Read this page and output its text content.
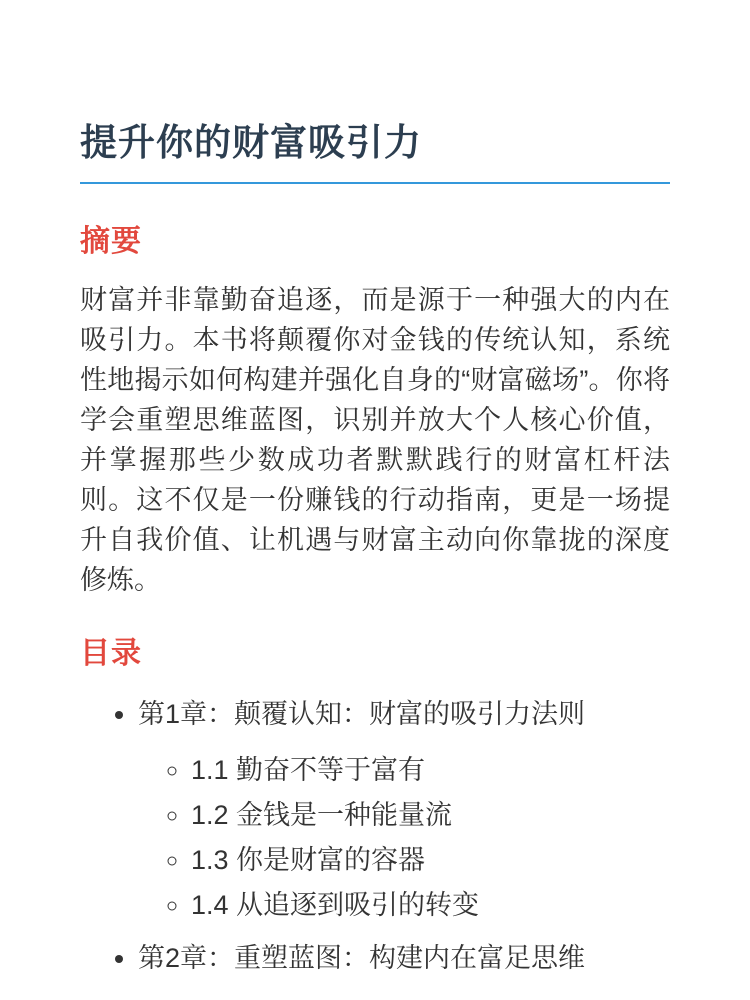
提升你的财富吸引力
摘要

财富并非靠勤奋追逐，而是源于一种强大的内在吸引力。本书将颠覆你对金钱的传统认知，系统性地揭示如何构建并强化自身的“财富磁场”。你将学会重塑思维蓝图，识别并放大个人核心价值，并掌握那些少数成功者默默践行的财富杠杆法则。这不仅是一份赚钱的行动指南，更是一场提升自我价值、让机遇与财富主动向你靠拢的深度修炼。

目录
• 第1章：颠覆认知：财富的吸引力法则
◦ 1.1 勤奋不等于富有
◦ 1.2 金钱是一种能量流
◦ 1.3 你是财富的容器
◦ 1.4 从追逐到吸引的转变
• 第2章：重塑蓝图：构建内在富足思维
